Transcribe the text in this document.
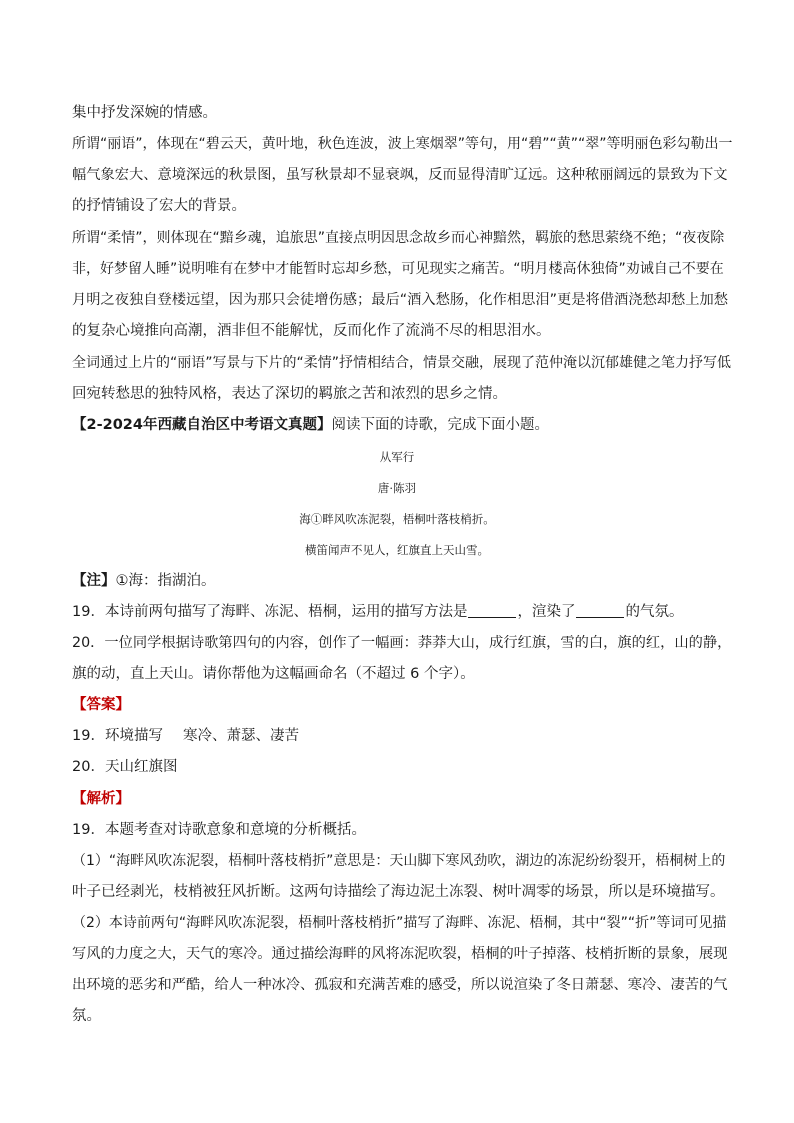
集中抒发深婉的情感。
所谓“丽语”，体现在“碧云天，黄叶地，秋色连波，波上寒烟翠”等句，用“碧”“黄”“翠”等明丽色彩勾勒出一
幅气象宏大、意境深远的秋景图，虽写秋景却不显衰飒，反而显得清旷辽远。这种秾丽阔远的景致为下文
的抒情铺设了宏大的背景。
所谓“柔情”，则体现在“黯乡魂，追旅思”直接点明因思念故乡而心神黯然，羁旅的愁思萦绕不绝；“夜夜除
非，好梦留人睡”说明唯有在梦中才能暂时忘却乡愁，可见现实之痛苦。“明月楼高休独倚”劝诫自己不要在
月明之夜独自登楼远望，因为那只会徒增伤感；最后“酒入愁肠，化作相思泪”更是将借酒浇愁却愁上加愁
的复杂心境推向高潮，酒非但不能解忧，反而化作了流淌不尽的相思泪水。
全词通过上片的“丽语”写景与下片的“柔情”抒情相结合，情景交融，展现了范仲淹以沉郁雄健之笔力抒写低
回宛转愁思的独特风格，表达了深切的羁旅之苦和浓烈的思乡之情。
【2-2024年西藏自治区中考语文真题】阅读下面的诗歌，完成下面小题。
从军行
唐·陈羽
海①畔风吹冻泥裂，梧桐叶落枝梢折。
横笛闻声不见人，红旗直上天山雪。
【注】①海：指湖泊。
19．本诗前两句描写了海畔、冻泥、梧桐，运用的描写方法是	，渲染了	的气氛。
20．一位同学根据诗歌第四句的内容，创作了一幅画：莽莽大山，成行红旗，雪的白，旗的红，山的静，
旗的动，直上天山。请你帮他为这幅画命名（不超过 6 个字）。
【答案】
19．环境描写 寒冷、萧瑟、凄苦
20．天山红旗图
【解析】
19．本题考查对诗歌意象和意境的分析概括。
（1）“海畔风吹冻泥裂，梧桐叶落枝梢折”意思是：天山脚下寒风劲吹，湖边的冻泥纷纷裂开，梧桐树上的
叶子已经剥光，枝梢被狂风折断。这两句诗描绘了海边泥土冻裂、树叶凋零的场景，所以是环境描写。
（2）本诗前两句“海畔风吹冻泥裂，梧桐叶落枝梢折”描写了海畔、冻泥、梧桐，其中“裂”“折”等词可见描
写风的力度之大，天气的寒冷。通过描绘海畔的风将冻泥吹裂，梧桐的叶子掉落、枝梢折断的景象，展现
出环境的恶劣和严酷，给人一种冰冷、孤寂和充满苦难的感受，所以说渲染了冬日萧瑟、寒冷、凄苦的气
氛。
